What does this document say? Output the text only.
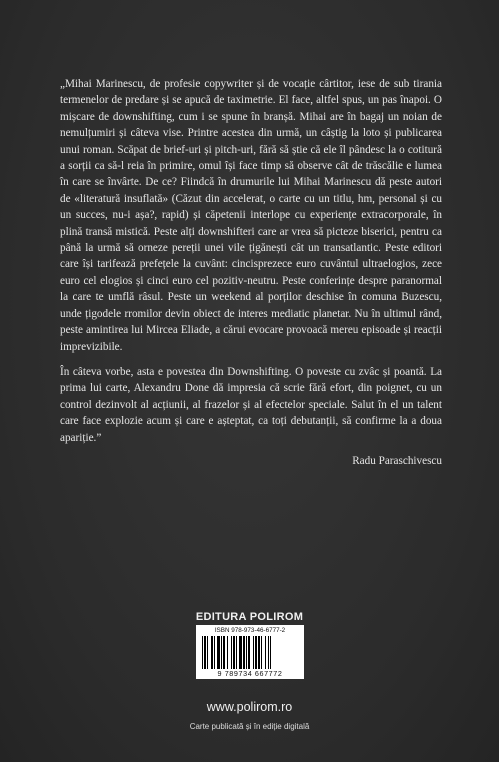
„Mihai Marinescu, de profesie copywriter și de vocație cârtitor, iese de sub tirania termenelor de predare și se apucă de taximetrie. El face, altfel spus, un pas înapoi. O mișcare de downshifting, cum i se spune în branșă. Mihai are în bagaj un noian de nemulțumiri și câteva vise. Printre acestea din urmă, un câștig la loto și publicarea unui roman. Scăpat de brief-uri și pitch-uri, fără să știe că ele îl pândesc la o cotitură a sorții ca să-l reia în primire, omul își face timp să observe cât de trăscălie e lumea în care se învârte. De ce? Fiindcă în drumurile lui Mihai Marinescu dă peste autori de «literatură insuflată» (Căzut din accelerat, o carte cu un titlu, hm, personal și cu un succes, nu-i așa?, rapid) și căpetenii interlope cu experiențe extracorporale, în plină transă mistică. Peste alți downshifteri care ar vrea să picteze biserici, pentru ca până la urmă să orneze pereții unei vile țigănești cât un transatlantic. Peste editori care își tarifează prefețele la cuvânt: cincisprezece euro cuvântul ultraelogios, zece euro cel elogios și cinci euro cel pozitiv-neutru. Peste conferințe despre paranormal la care te umflă râsul. Peste un weekend al porților deschise în comuna Buzescu, unde țigodele rromilor devin obiect de interes mediatic planetar. Nu în ultimul rând, peste amintirea lui Mircea Eliade, a cărui evocare provoacă mereu episoade și reacții imprevizibile.

În câteva vorbe, asta e povestea din Downshifting. O poveste cu zvâc și poantă. La prima lui carte, Alexandru Done dă impresia că scrie fără efort, din poignet, cu un control dezinvolt al acțiunii, al frazelor și al efectelor speciale. Salut în el un talent care face explozie acum și care e așteptat, ca toți debutanții, să confirme la a doua apariție.”

Radu Paraschivescu
EDITURA POLIROM
ISBN 978-973-46-6777-2
9 789734 667772
www.polirom.ro
Carte publicată și în ediție digitală
